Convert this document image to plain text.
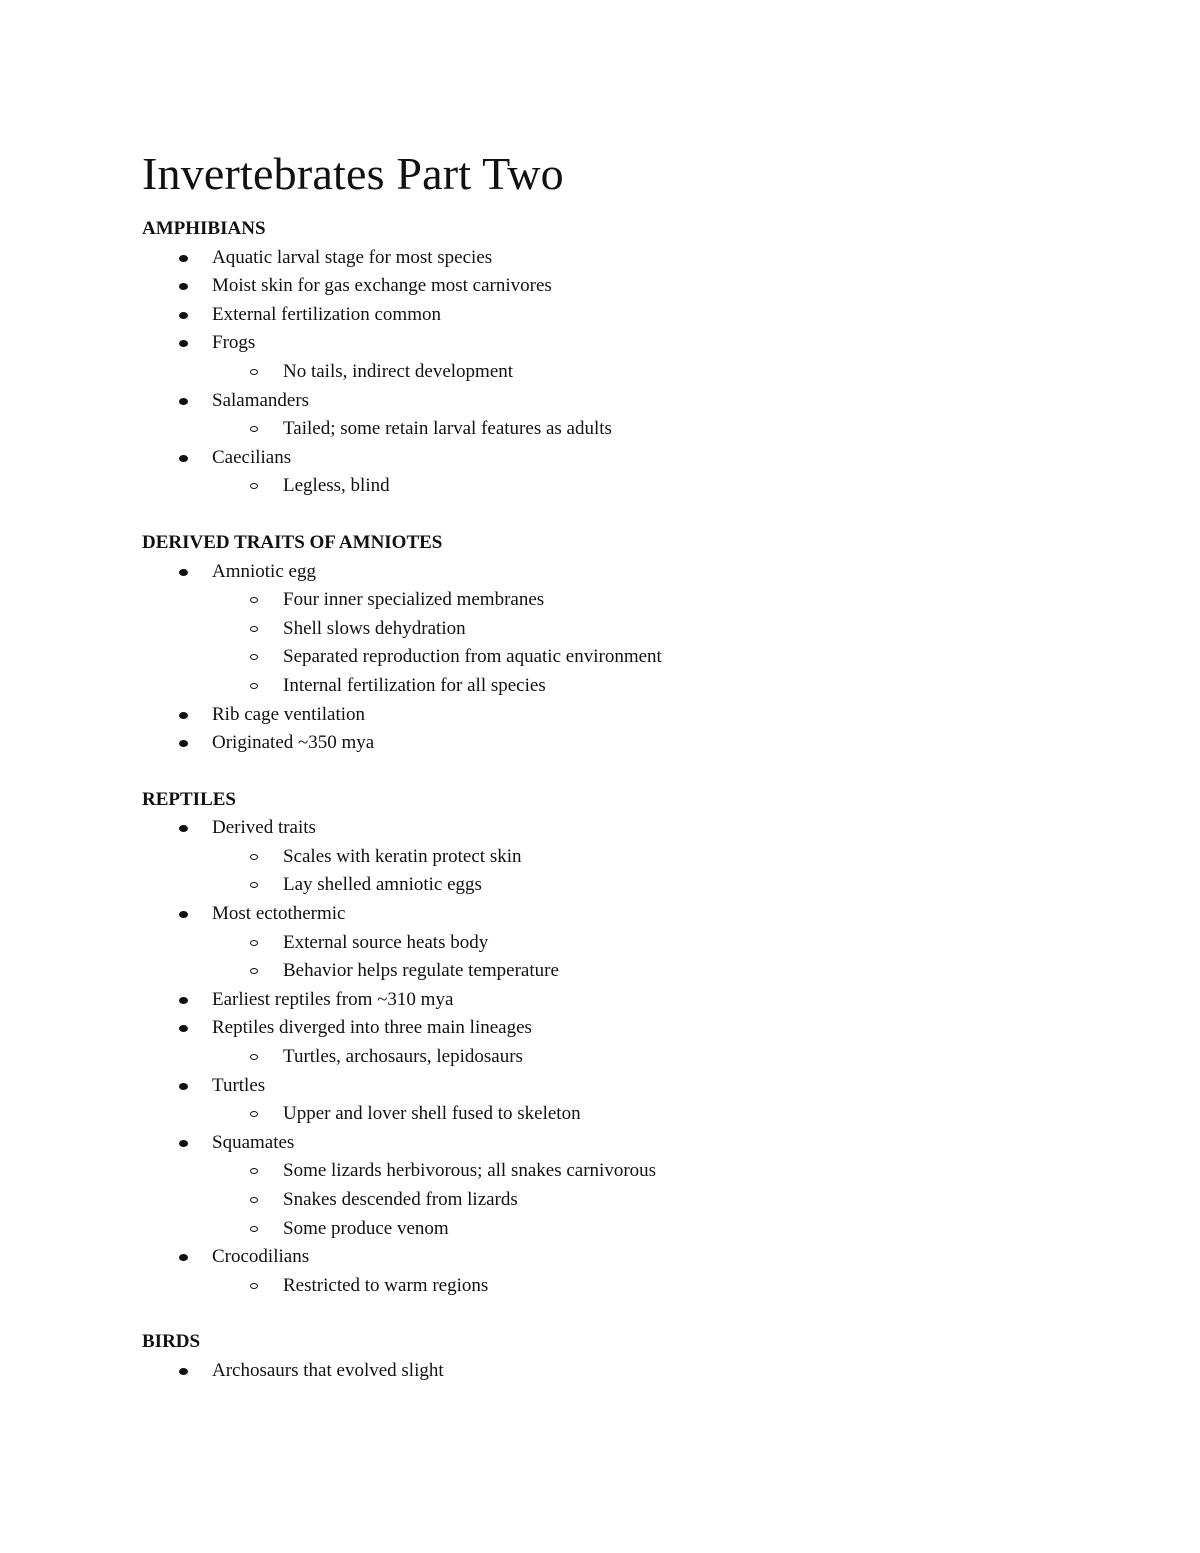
Invertebrates Part Two
AMPHIBIANS
Aquatic larval stage for most species
Moist skin for gas exchange most carnivores
External fertilization common
Frogs
No tails, indirect development
Salamanders
Tailed; some retain larval features as adults
Caecilians
Legless, blind
DERIVED TRAITS OF AMNIOTES
Amniotic egg
Four inner specialized membranes
Shell slows dehydration
Separated reproduction from aquatic environment
Internal fertilization for all species
Rib cage ventilation
Originated ~350 mya
REPTILES
Derived traits
Scales with keratin protect skin
Lay shelled amniotic eggs
Most ectothermic
External source heats body
Behavior helps regulate temperature
Earliest reptiles from ~310 mya
Reptiles diverged into three main lineages
Turtles, archosaurs, lepidosaurs
Turtles
Upper and lover shell fused to skeleton
Squamates
Some lizards herbivorous; all snakes carnivorous
Snakes descended from lizards
Some produce venom
Crocodilians
Restricted to warm regions
BIRDS
Archosaurs that evolved slight
